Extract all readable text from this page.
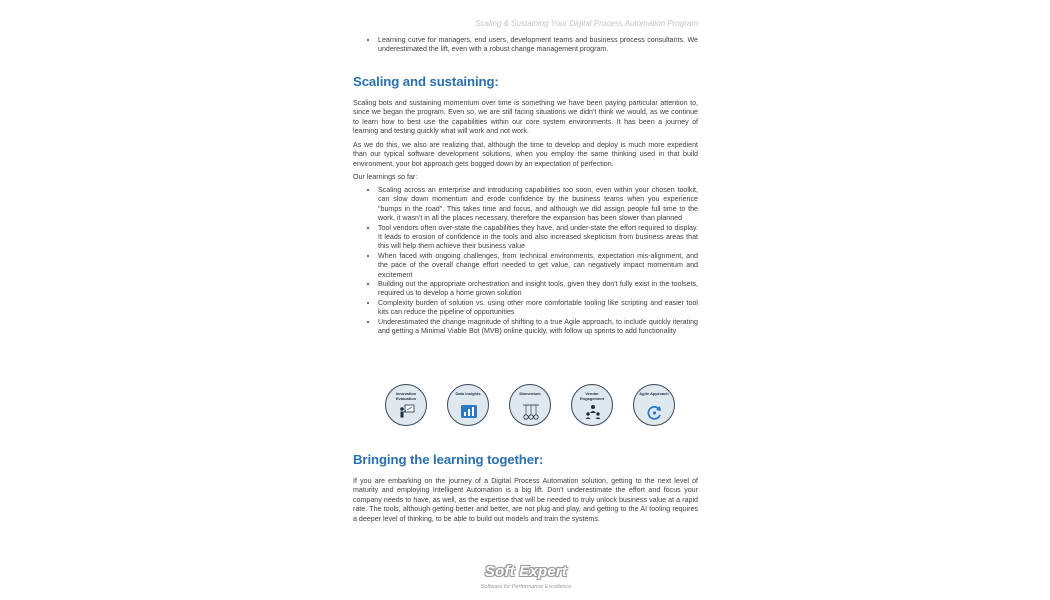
Scaling & Sustaining Your Digital Process Automation Program
• Learning curve for managers, end users, development teams and business process consultants. We underestimated the lift, even with a robust change management program.
Scaling and sustaining:

Scaling bots and sustaining momentum over time is something we have been paying particular attention to, since we began the program. Even so, we are still facing situations we didn't think we would, as we continue to learn how to best use the capabilities within our core system environments. It has been a journey of learning and testing quickly what will work and not work.

As we do this, we also are realizing that, although the time to develop and deploy is much more expedient than our typical software development solutions, when you employ the same thinking used in that build environment, your bot approach gets bogged down by an expectation of perfection.

Our learnings so far:

• Scaling across an enterprise and introducing capabilities too soon, even within your chosen toolkit, can slow down momentum and erode confidence by the business teams when you experience "bumps in the road". This takes time and focus, and although we did assign people full time to the work, it wasn't in all the places necessary, therefore the expansion has been slower than planned
• Tool vendors often over-state the capabilities they have, and under-state the effort required to display. It leads to erosion of confidence in the tools and also increased skepticism from business areas that this will help them achieve their business value
• When faced with ongoing challenges, from technical environments, expectation mis-alignment, and the pace of the overall change effort needed to get value, can negatively impact momentum and excitement
• Building out the appropriate orchestration and insight tools, given they don't fully exist in the toolsets, required us to develop a home grown solution
• Complexity burden of solution vs. using other more comfortable tooling like scripting and easier tool kits can reduce the pipeline of opportunities
• Underestimated the change magnitude of shifting to a true Agile approach, to include quickly iterating and getting a Minimal Viable Bot (MVB) online quickly, with follow up sprints to add functionality
Innovation Evaluation
Data Insights	Momentum	Vendor Engagement
Agile Approach
Bringing the learning together:

If you are embarking on the journey of a Digital Process Automation solution, getting to the next level of maturity and employing Intelligent Automation is a big lift. Don't underestimate the effort and focus your company needs to have, as well, as the expertise that will be needed to truly unlock business value at a rapid rate. The tools, although getting better and better, are not plug and play, and getting to the AI tooling requires a deeper level of thinking, to be able to build out models and train the systems.

Soft Expert
Software for Performance Excellence
